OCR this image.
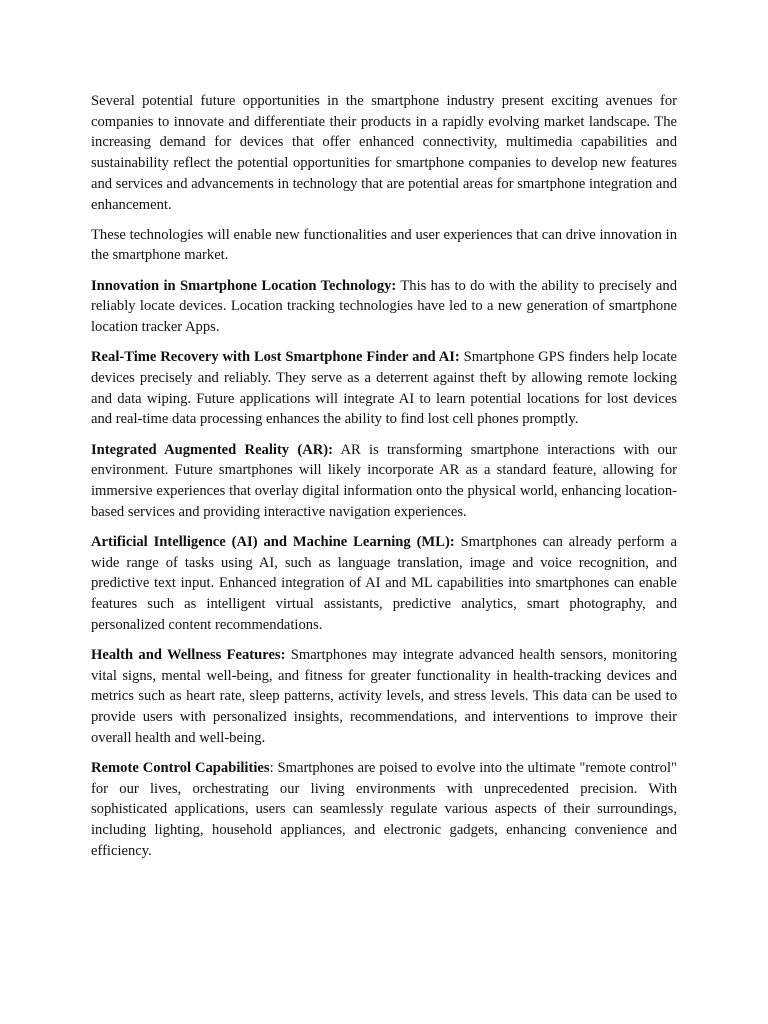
Several potential future opportunities in the smartphone industry present exciting avenues for companies to innovate and differentiate their products in a rapidly evolving market landscape. The increasing demand for devices that offer enhanced connectivity, multimedia capabilities and sustainability reflect the potential opportunities for smartphone companies to develop new features and services and advancements in technology that are potential areas for smartphone integration and enhancement.

These technologies will enable new functionalities and user experiences that can drive innovation in the smartphone market.

Innovation in Smartphone Location Technology: This has to do with the ability to precisely and reliably locate devices. Location tracking technologies have led to a new generation of smartphone location tracker Apps.

Real-Time Recovery with Lost Smartphone Finder and AI: Smartphone GPS finders help locate devices precisely and reliably. They serve as a deterrent against theft by allowing remote locking and data wiping. Future applications will integrate AI to learn potential locations for lost devices and real-time data processing enhances the ability to find lost cell phones promptly.

Integrated Augmented Reality (AR): AR is transforming smartphone interactions with our environment. Future smartphones will likely incorporate AR as a standard feature, allowing for immersive experiences that overlay digital information onto the physical world, enhancing location-based services and providing interactive navigation experiences.

Artificial Intelligence (AI) and Machine Learning (ML): Smartphones can already perform a wide range of tasks using AI, such as language translation, image and voice recognition, and predictive text input. Enhanced integration of AI and ML capabilities into smartphones can enable features such as intelligent virtual assistants, predictive analytics, smart photography, and personalized content recommendations.

Health and Wellness Features: Smartphones may integrate advanced health sensors, monitoring vital signs, mental well-being, and fitness for greater functionality in health-tracking devices and metrics such as heart rate, sleep patterns, activity levels, and stress levels. This data can be used to provide users with personalized insights, recommendations, and interventions to improve their overall health and well-being.

Remote Control Capabilities: Smartphones are poised to evolve into the ultimate "remote control" for our lives, orchestrating our living environments with unprecedented precision. With sophisticated applications, users can seamlessly regulate various aspects of their surroundings, including lighting, household appliances, and electronic gadgets, enhancing convenience and efficiency.
